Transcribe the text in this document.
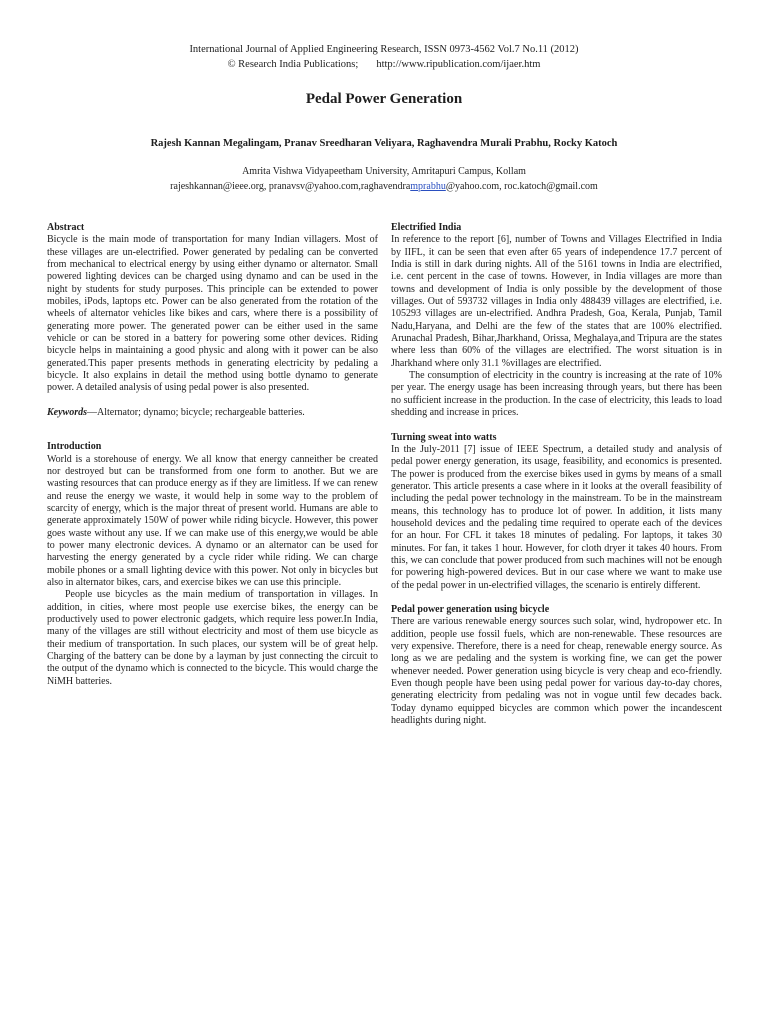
International Journal of Applied Engineering Research, ISSN 0973-4562 Vol.7 No.11 (2012)
© Research India Publications; http://www.ripublication.com/ijaer.htm
Pedal Power Generation
Rajesh Kannan Megalingam, Pranav Sreedharan Veliyara, Raghavendra Murali Prabhu, Rocky Katoch
Amrita Vishwa Vidyapeetham University, Amritapuri Campus, Kollam
rajeshkannan@ieee.org, pranavsv@yahoo.com,raghavendramprabhu@yahoo.com, roc.katoch@gmail.com
Abstract

Bicycle is the main mode of transportation for many Indian villagers. Most of these villages are un-electrified. Power generated by pedaling can be converted from mechanical to electrical energy by using either dynamo or alternator. Small powered lighting devices can be charged using dynamo and can be used in the night by students for study purposes. This principle can be extended to power mobiles, iPods, laptops etc. Power can be also generated from the rotation of the wheels of alternator vehicles like bikes and cars, where there is a possibility of generating more power. The generated power can be either used in the same vehicle or can be stored in a battery for powering some other devices. Riding bicycle helps in maintaining a good physic and along with it power can be also generated.This paper presents methods in generating electricity by pedaling a bicycle. It also explains in detail the method using bottle dynamo to generate power. A detailed analysis of using pedal power is also presented.

Keywords—Alternator; dynamo; bicycle; rechargeable batteries.

Introduction

World is a storehouse of energy. We all know that energy canneither be created nor destroyed but can be transformed from one form to another. But we are wasting resources that can produce energy as if they are limitless. If we can renew and reuse the energy we waste, it would help in some way to the problem of scarcity of energy, which is the major threat of present world. Humans are able to generate approximately 150W of power while riding bicycle. However, this power goes waste without any use. If we can make use of this energy,we would be able to power many electronic devices. A dynamo or an alternator can be used for harvesting the energy generated by a cycle rider while riding. We can charge mobile phones or a small lighting device with this power. Not only in bicycles but also in alternator bikes, cars, and exercise bikes we can use this principle.

People use bicycles as the main medium of transportation in villages. In addition, in cities, where most people use exercise bikes, the energy can be productively used to power electronic gadgets, which require less power.In India, many of the villages are still without electricity and most of them use bicycle as their medium of transportation. In such places, our system will be of great help. Charging of the battery can be done by a layman by just connecting the circuit to the output of the dynamo which is connected to the bicycle. This would charge the NiMH batteries.

Electrified India

In reference to the report [6], number of Towns and Villages Electrified in India by IIFL, it can be seen that even after 65 years of independence 17.7 percent of India is still in dark during nights. All of the 5161 towns in India are electrified, i.e. cent percent in the case of towns. However, in India villages are more than towns and development of India is only possible by the development of those villages. Out of 593732 villages in India only 488439 villages are electrified, i.e. 105293 villages are un-electrified. Andhra Pradesh, Goa, Kerala, Punjab, Tamil Nadu,Haryana, and Delhi are the few of the states that are 100% electrified. Arunachal Pradesh, Bihar,Jharkhand, Orissa, Meghalaya,and Tripura are the states where less than 60% of the villages are electrified. The worst situation is in Jharkhand where only 31.1 %villages are electrified.

The consumption of electricity in the country is increasing at the rate of 10% per year. The energy usage has been increasing through years, but there has been no sufficient increase in the production. In the case of electricity, this leads to load shedding and increase in prices.

Turning sweat into watts

In the July-2011 [7] issue of IEEE Spectrum, a detailed study and analysis of pedal power energy generation, its usage, feasibility, and economics is presented. The power is produced from the exercise bikes used in gyms by means of a small generator. This article presents a case where in it looks at the overall feasibility of including the pedal power technology in the mainstream. To be in the mainstream means, this technology has to produce lot of power. In addition, it lists many household devices and the pedaling time required to operate each of the devices for an hour. For CFL it takes 18 minutes of pedaling. For laptops, it takes 30 minutes. For fan, it takes 1 hour. However, for cloth dryer it takes 40 hours. From this, we can conclude that power produced from such machines will not be enough for powering high-powered devices. But in our case where we want to make use of the pedal power in un-electrified villages, the scenario is entirely different.

Pedal power generation using bicycle

There are various renewable energy sources such solar, wind, hydropower etc. In addition, people use fossil fuels, which are non-renewable. These resources are very expensive. Therefore, there is a need for cheap, renewable energy source. As long as we are pedaling and the system is working fine, we can get the power whenever needed. Power generation using bicycle is very cheap and eco-friendly. Even though people have been using pedal power for various day-to-day chores, generating electricity from pedaling was not in vogue until few decades back. Today dynamo equipped bicycles are common which power the incandescent headlights during night.
